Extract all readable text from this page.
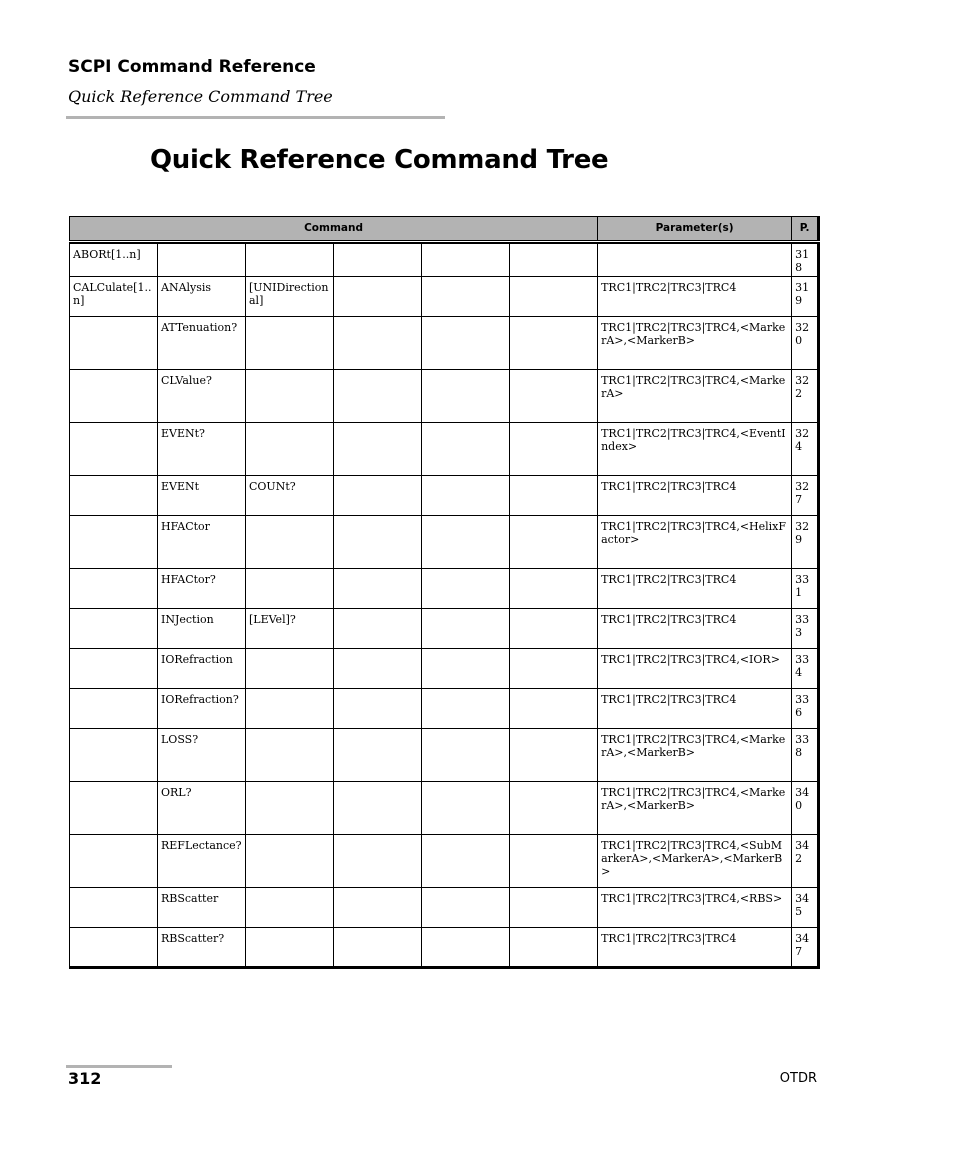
SCPI Command Reference
Quick Reference Command Tree
Quick Reference Command Tree
Command						Parameter(s)	P.

ABORt[1..n]							318
CALCulate[1..n]	ANAlysis	[UNIDirectional]				TRC1|TRC2|TRC3|TRC4	319
	ATTenuation?					TRC1|TRC2|TRC3|TRC4,<MarkerA>,<MarkerB>	320
	CLValue?					TRC1|TRC2|TRC3|TRC4,<MarkerA>	322
	EVENt?					TRC1|TRC2|TRC3|TRC4,<EventIndex>	324
	EVENt	COUNt?				TRC1|TRC2|TRC3|TRC4	327
	HFACtor					TRC1|TRC2|TRC3|TRC4,<HelixFactor>	329
	HFACtor?					TRC1|TRC2|TRC3|TRC4	331
	INJection	[LEVel]?				TRC1|TRC2|TRC3|TRC4	333
	IORefraction					TRC1|TRC2|TRC3|TRC4,<IOR>	334
	IORefraction?					TRC1|TRC2|TRC3|TRC4	336
	LOSS?					TRC1|TRC2|TRC3|TRC4,<MarkerA>,<MarkerB>	338
	ORL?					TRC1|TRC2|TRC3|TRC4,<MarkerA>,<MarkerB>	340
	REFLectance?					TRC1|TRC2|TRC3|TRC4,<SubMarkerA>,<MarkerA>,<MarkerB>	342
	RBScatter					TRC1|TRC2|TRC3|TRC4,<RBS>	345
	RBScatter?					TRC1|TRC2|TRC3|TRC4	347
312	OTDR
